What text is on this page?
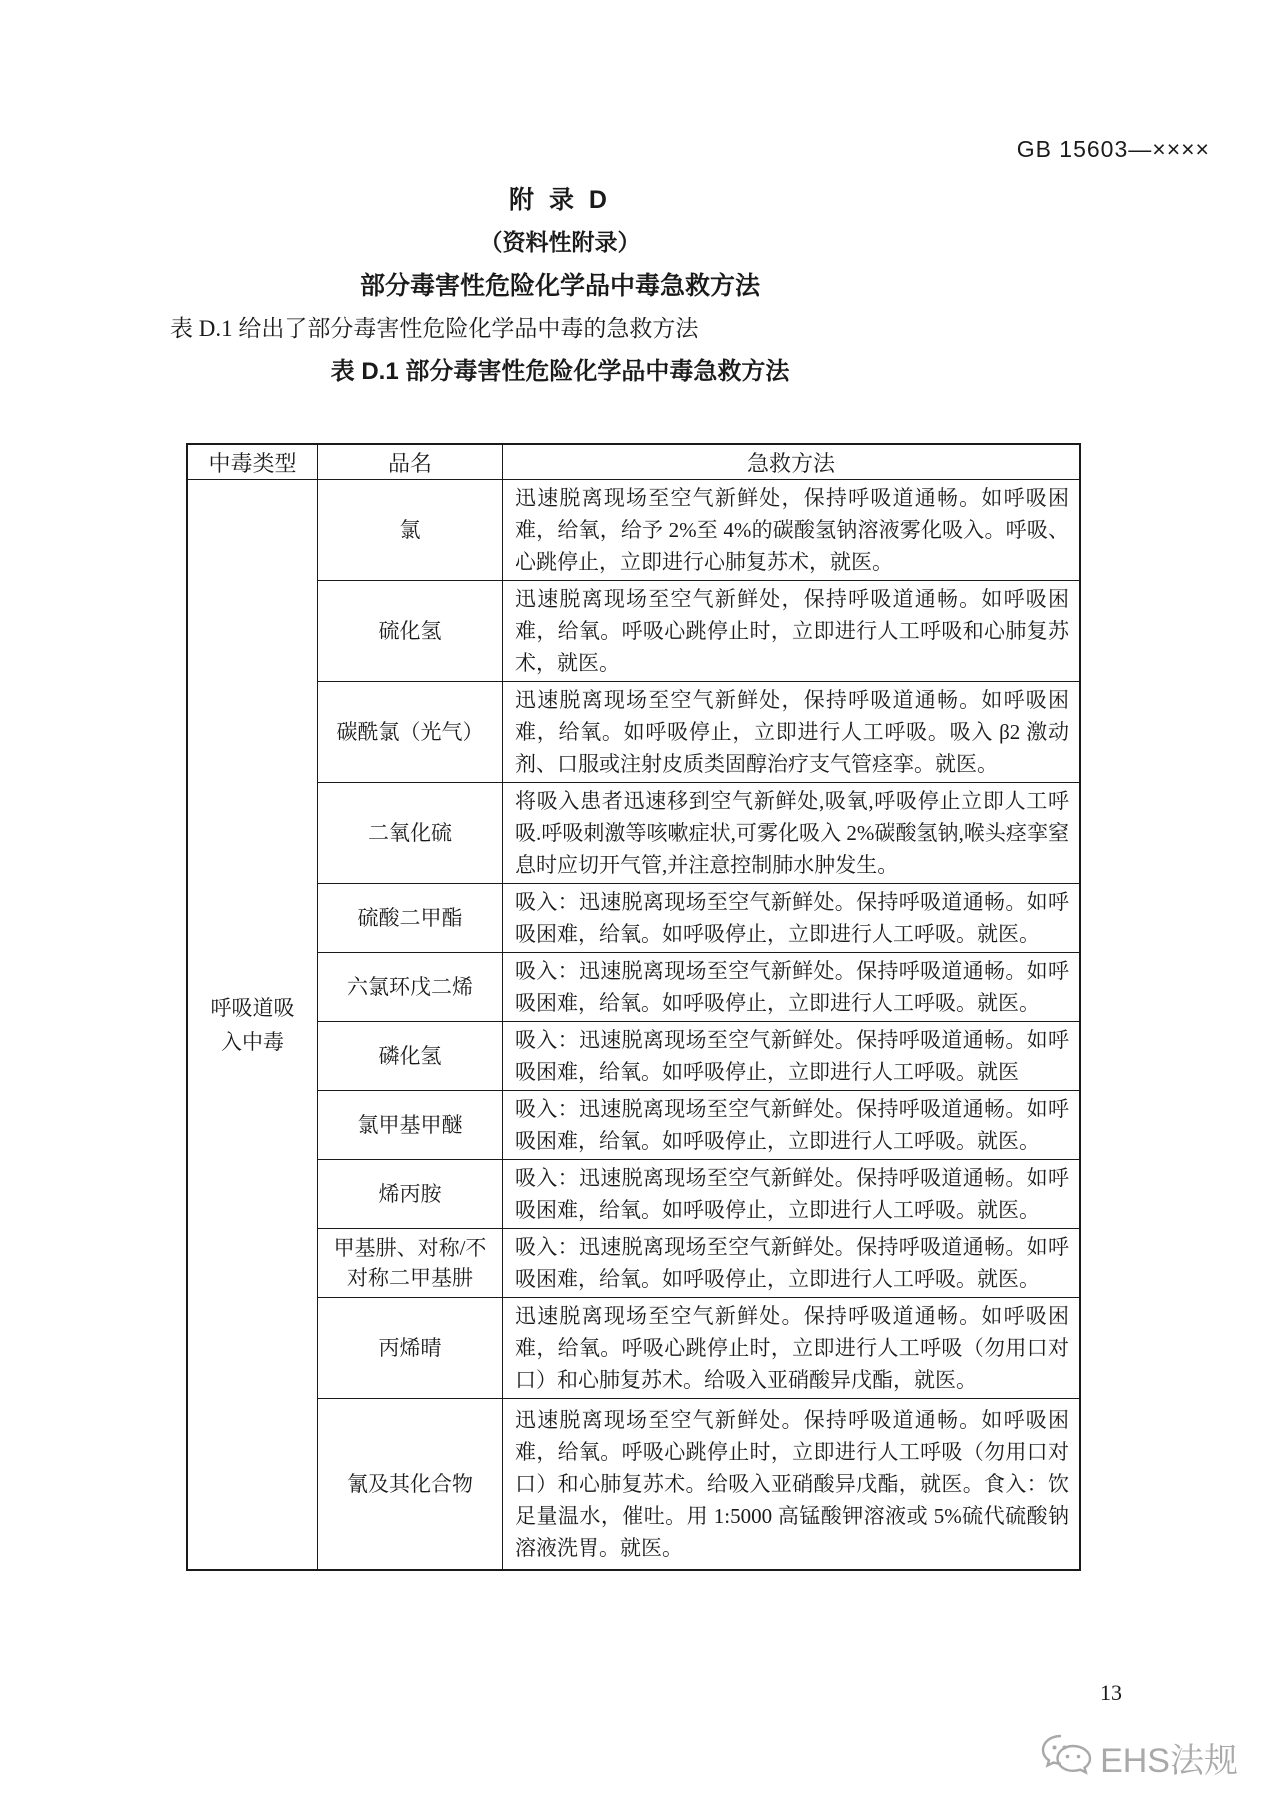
GB 15603—××××
附 录 D
（资料性附录）
部分毒害性危险化学品中毒急救方法
表 D.1 给出了部分毒害性危险化学品中毒的急救方法
表 D.1 部分毒害性危险化学品中毒急救方法
中毒类型	品名	急救方法
呼吸道吸入中毒	氯	迅速脱离现场至空气新鲜处，保持呼吸道通畅。如呼吸困难，给氧，给予 2%至 4%的碳酸氢钠溶液雾化吸入。呼吸、心跳停止，立即进行心肺复苏术，就医。
	硫化氢	迅速脱离现场至空气新鲜处，保持呼吸道通畅。如呼吸困难，给氧。呼吸心跳停止时，立即进行人工呼吸和心肺复苏术，就医。
	碳酰氯（光气）	迅速脱离现场至空气新鲜处，保持呼吸道通畅。如呼吸困难，给氧。如呼吸停止，立即进行人工呼吸。吸入 β2 激动剂、口服或注射皮质类固醇治疗支气管痉挛。就医。
	二氧化硫	将吸入患者迅速移到空气新鲜处,吸氧,呼吸停止立即人工呼吸.呼吸刺激等咳嗽症状,可雾化吸入 2%碳酸氢钠,喉头痉挛窒息时应切开气管,并注意控制肺水肿发生。
	硫酸二甲酯	吸入：迅速脱离现场至空气新鲜处。保持呼吸道通畅。如呼吸困难，给氧。如呼吸停止，立即进行人工呼吸。就医。
	六氯环戊二烯	吸入：迅速脱离现场至空气新鲜处。保持呼吸道通畅。如呼吸困难，给氧。如呼吸停止，立即进行人工呼吸。就医。
	磷化氢	吸入：迅速脱离现场至空气新鲜处。保持呼吸道通畅。如呼吸困难，给氧。如呼吸停止，立即进行人工呼吸。就医
	氯甲基甲醚	吸入：迅速脱离现场至空气新鲜处。保持呼吸道通畅。如呼吸困难，给氧。如呼吸停止，立即进行人工呼吸。就医。
	烯丙胺	吸入：迅速脱离现场至空气新鲜处。保持呼吸道通畅。如呼吸困难，给氧。如呼吸停止，立即进行人工呼吸。就医。
	甲基肼、对称/不对称二甲基肼	吸入：迅速脱离现场至空气新鲜处。保持呼吸道通畅。如呼吸困难，给氧。如呼吸停止，立即进行人工呼吸。就医。
	丙烯晴	迅速脱离现场至空气新鲜处。保持呼吸道通畅。如呼吸困难，给氧。呼吸心跳停止时，立即进行人工呼吸（勿用口对口）和心肺复苏术。给吸入亚硝酸异戊酯，就医。
	氰及其化合物	迅速脱离现场至空气新鲜处。保持呼吸道通畅。如呼吸困难，给氧。呼吸心跳停止时，立即进行人工呼吸（勿用口对口）和心肺复苏术。给吸入亚硝酸异戊酯，就医。食入：饮足量温水，催吐。用 1:5000 高锰酸钾溶液或 5%硫代硫酸钠溶液洗胃。就医。
13
EHS法规
